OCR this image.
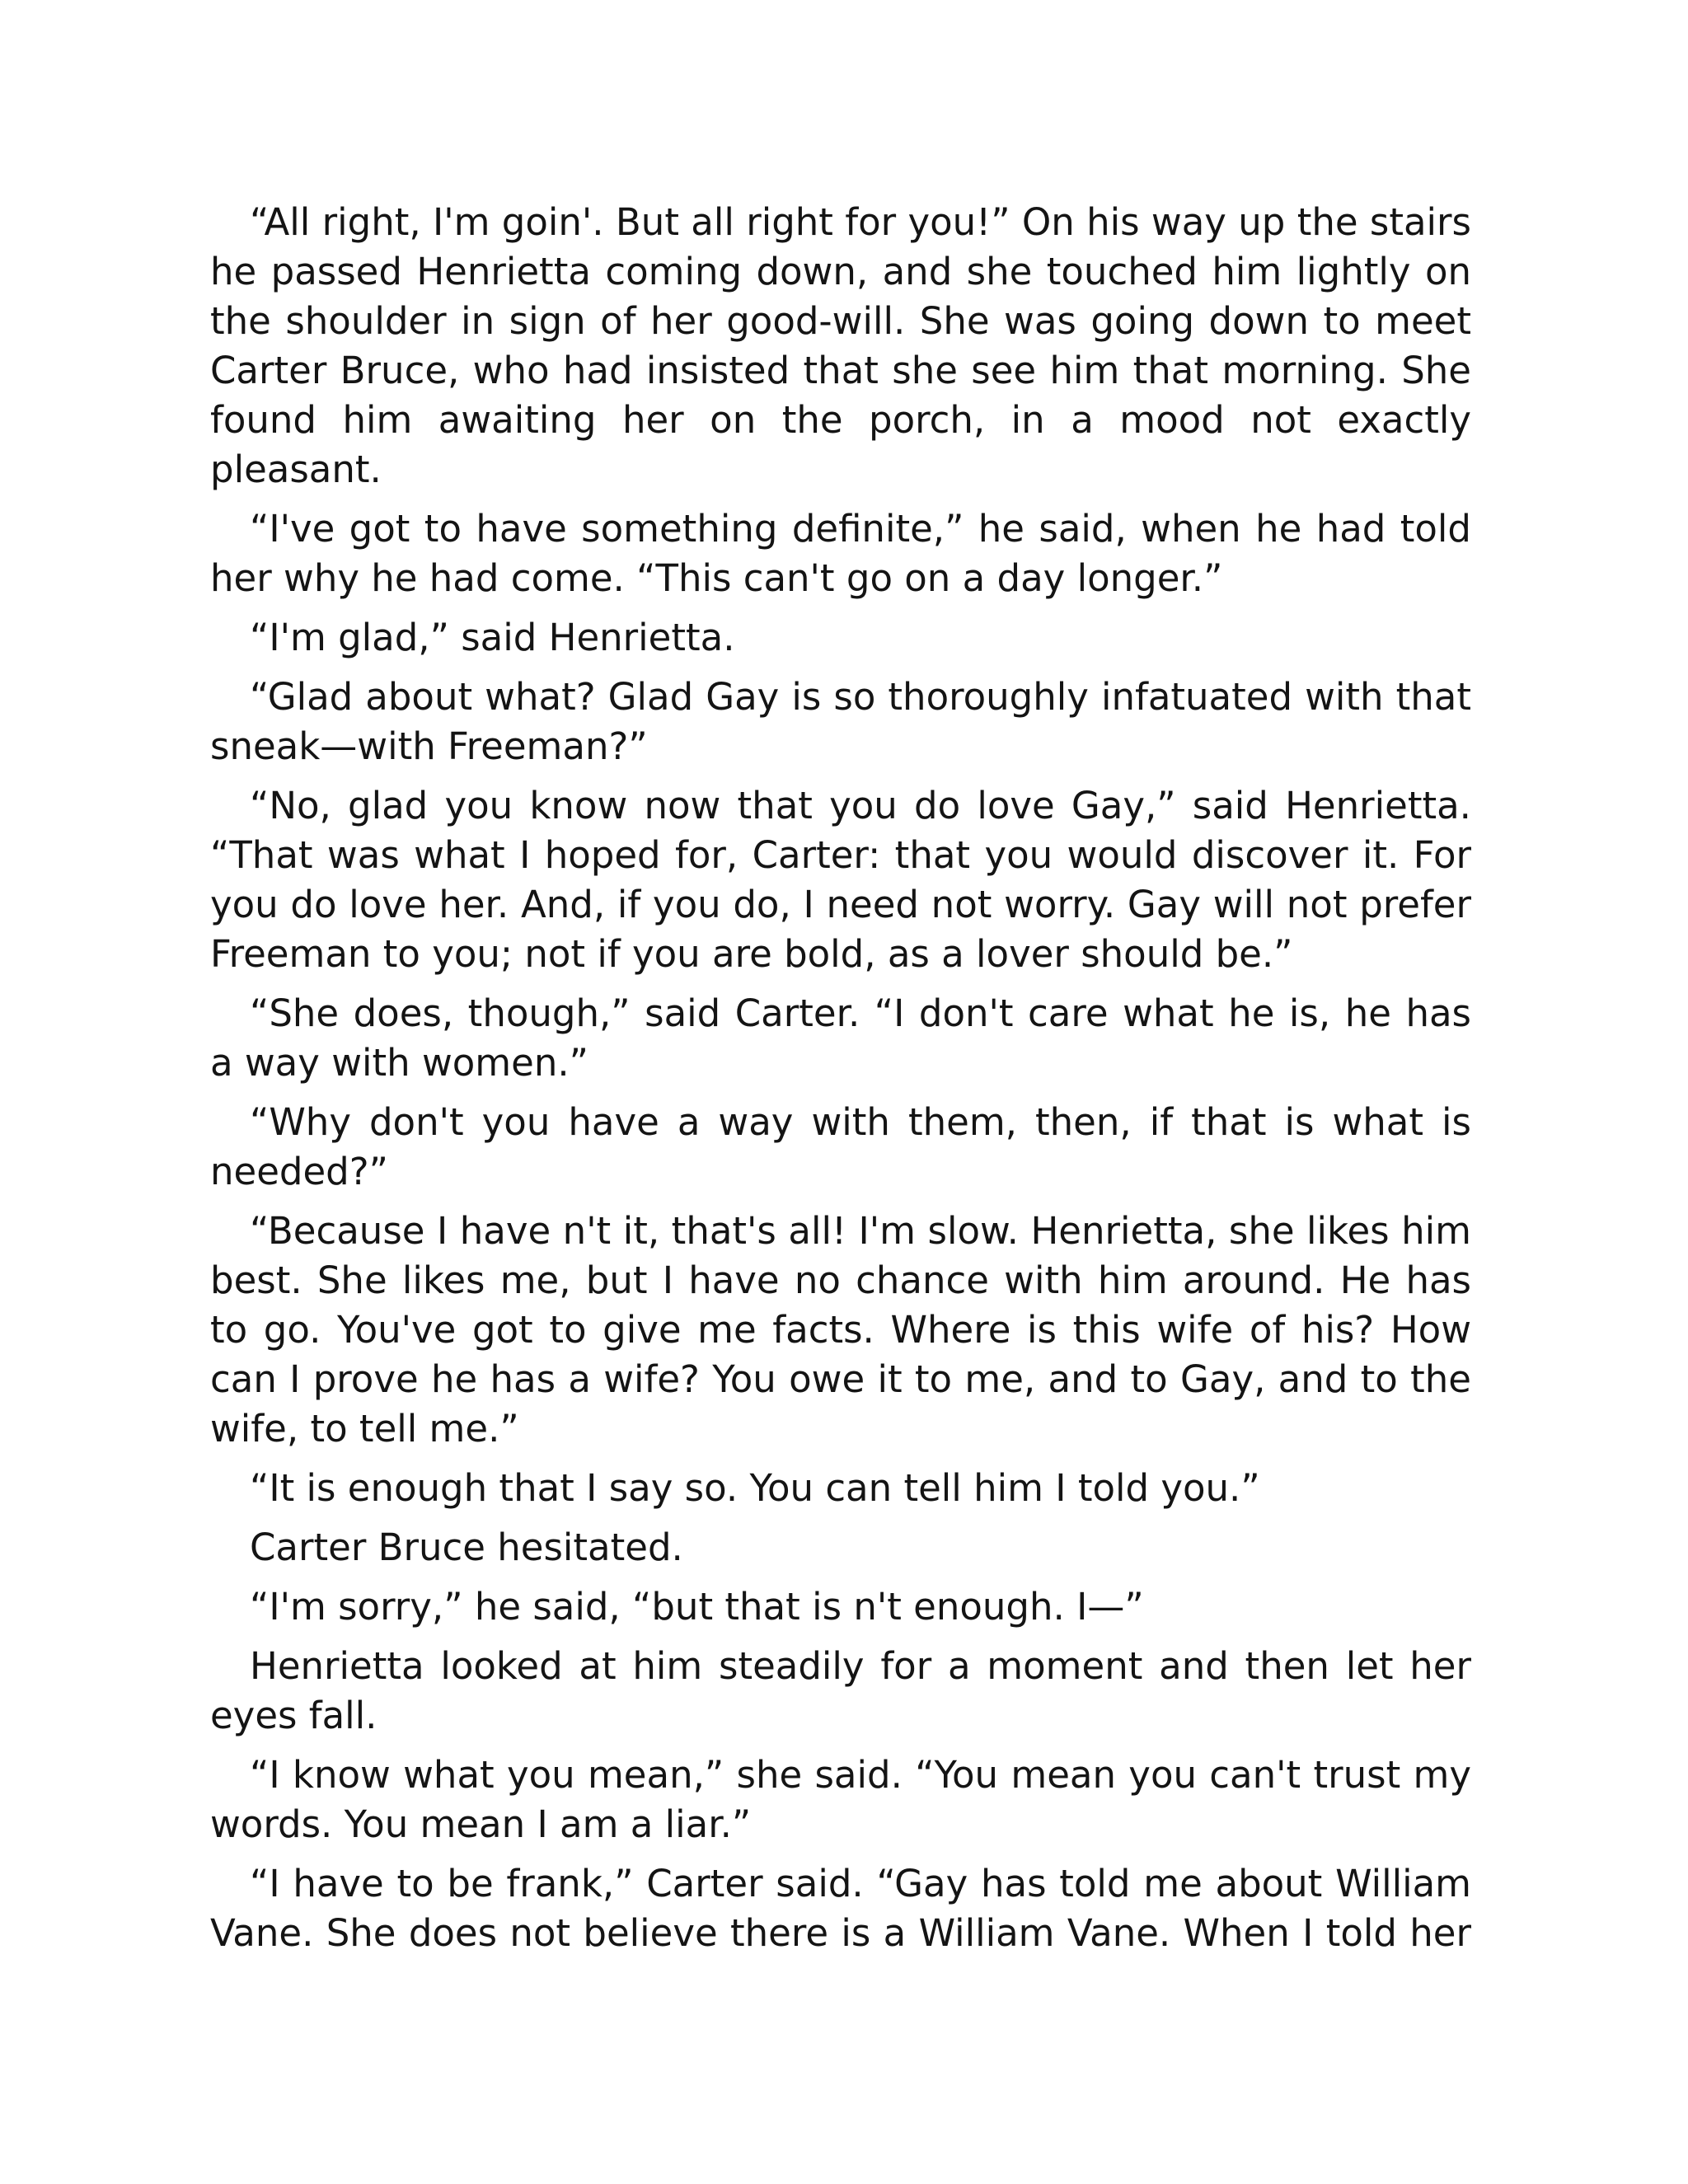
“All right, I'm goin'. But all right for you!” On his way up the stairs he passed Henrietta coming down, and she touched him lightly on the shoulder in sign of her good-will. She was going down to meet Carter Bruce, who had insisted that she see him that morning. She found him awaiting her on the porch, in a mood not exactly pleasant.

“I've got to have something definite,” he said, when he had told her why he had come. “This can't go on a day longer.”

“I'm glad,” said Henrietta.

“Glad about what? Glad Gay is so thoroughly infatuated with that sneak—with Freeman?”

“No, glad you know now that you do love Gay,” said Henrietta. “That was what I hoped for, Carter: that you would discover it. For you do love her. And, if you do, I need not worry. Gay will not prefer Freeman to you; not if you are bold, as a lover should be.”

“She does, though,” said Carter. “I don't care what he is, he has a way with women.”

“Why don't you have a way with them, then, if that is what is needed?”

“Because I have n't it, that's all! I'm slow. Henrietta, she likes him best. She likes me, but I have no chance with him around. He has to go. You've got to give me facts. Where is this wife of his? How can I prove he has a wife? You owe it to me, and to Gay, and to the wife, to tell me.”

“It is enough that I say so. You can tell him I told you.”

Carter Bruce hesitated.

“I'm sorry,” he said, “but that is n't enough. I—”

Henrietta looked at him steadily for a moment and then let her eyes fall.

“I know what you mean,” she said. “You mean you can't trust my words. You mean I am a liar.”

“I have to be frank,” Carter said. “Gay has told me about William Vane. She does not believe there is a William Vane. When I told her
